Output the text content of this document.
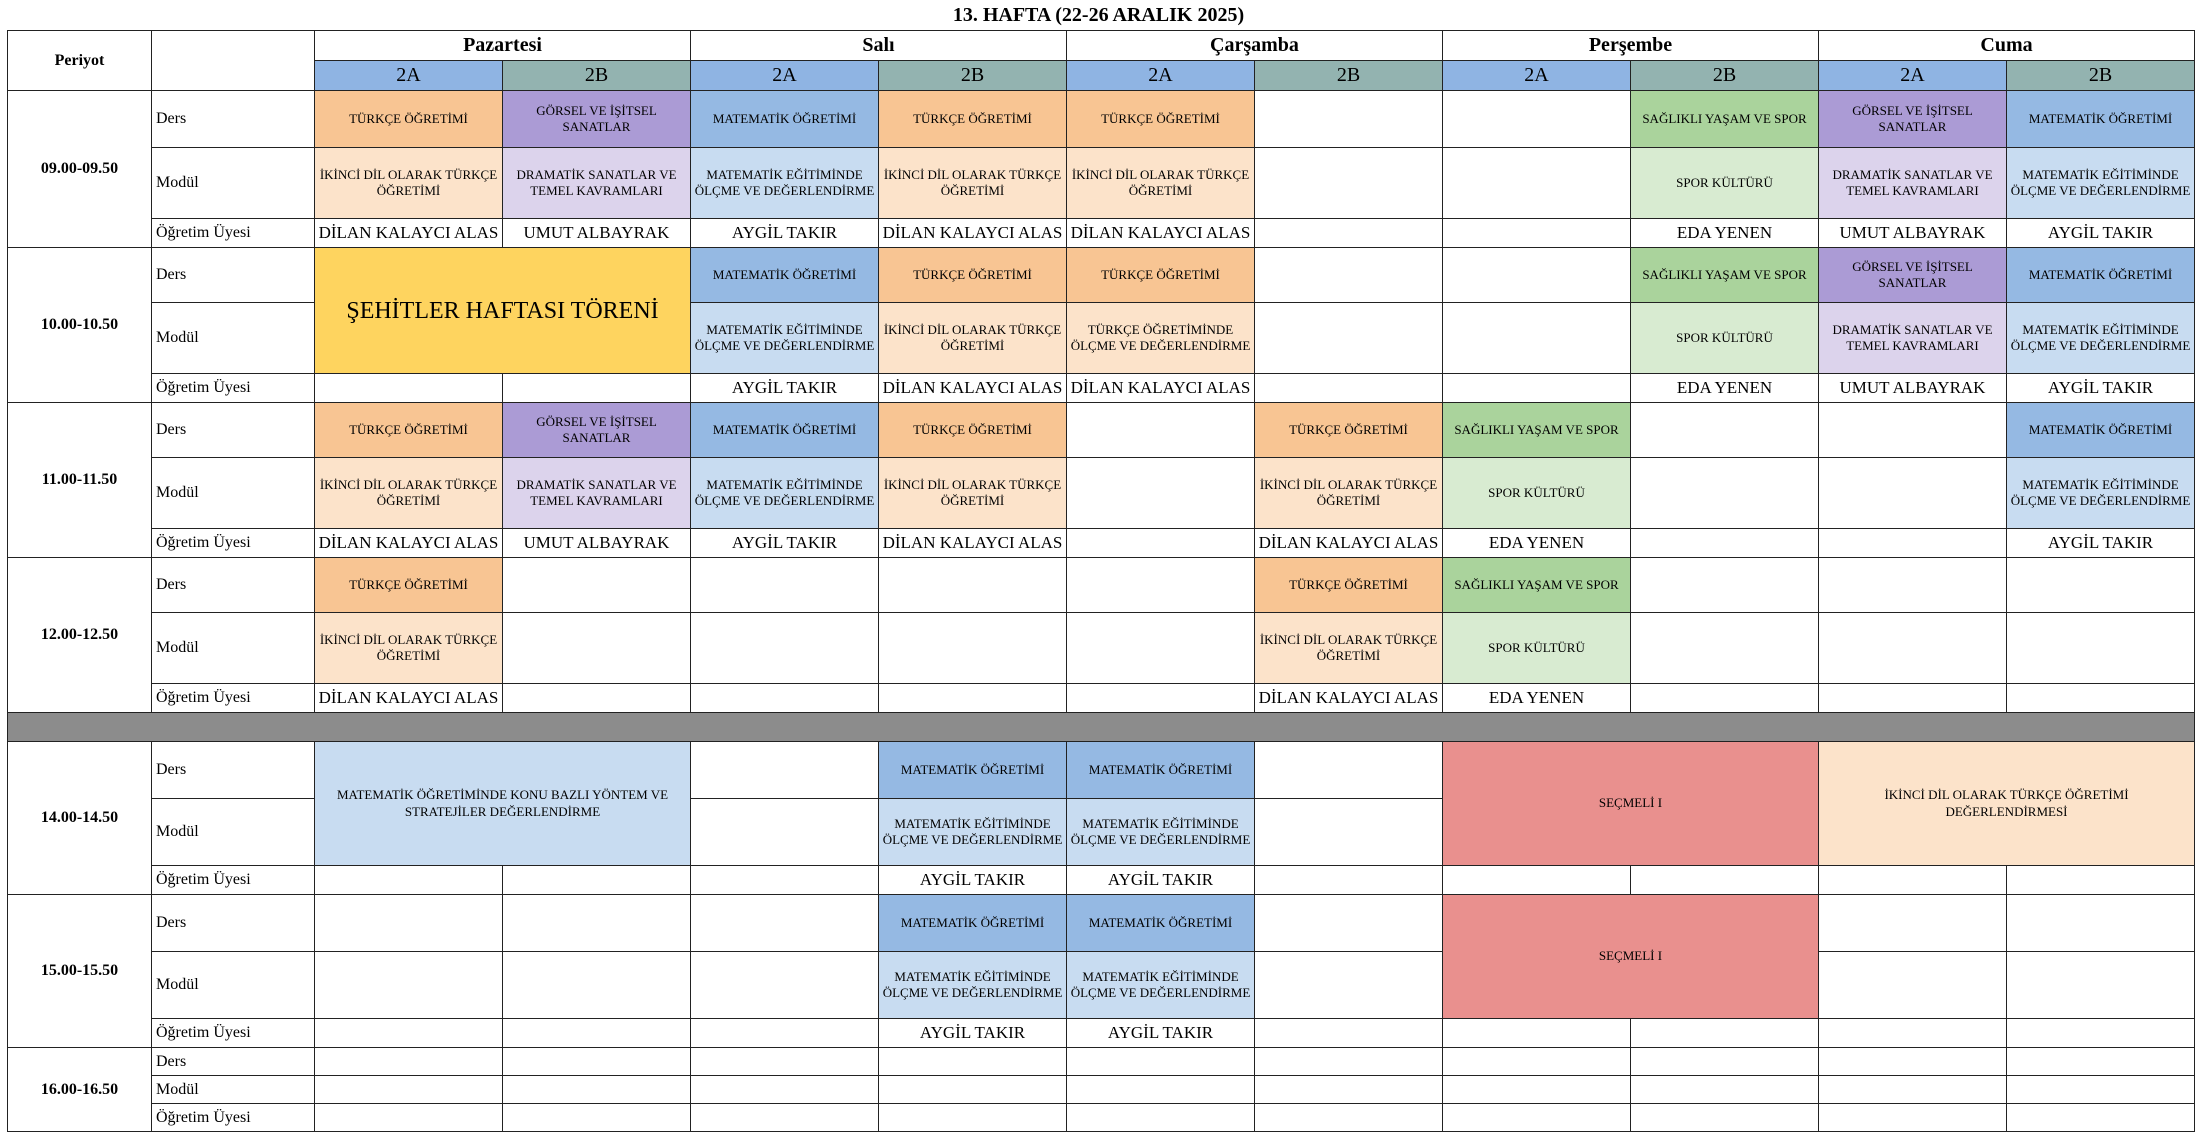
13. HAFTA (22-26 ARALIK 2025)
Periyot		Pazartesi		Salı		Çarşamba		Perşembe		Cuma	
		2A	2B	2A	2B	2A	2B	2A	2B	2A	2B
09.00-09.50	Ders	TÜRKÇE ÖĞRETİMİ	GÖRSEL VE İŞİTSEL SANATLAR	MATEMATİK ÖĞRETİMİ	TÜRKÇE ÖĞRETİMİ	TÜRKÇE ÖĞRETİMİ			SAĞLIKLI YAŞAM VE SPOR	GÖRSEL VE İŞİTSEL SANATLAR	MATEMATİK ÖĞRETİMİ
	Modül	İKİNCİ DİL OLARAK TÜRKÇE ÖĞRETİMİ	DRAMATİK SANATLAR VE TEMEL KAVRAMLARI	MATEMATİK EĞİTİMİNDE ÖLÇME VE DEĞERLENDİRME	İKİNCİ DİL OLARAK TÜRKÇE ÖĞRETİMİ	İKİNCİ DİL OLARAK TÜRKÇE ÖĞRETİMİ			SPOR KÜLTÜRÜ	DRAMATİK SANATLAR VE TEMEL KAVRAMLARI	MATEMATİK EĞİTİMİNDE ÖLÇME VE DEĞERLENDİRME
	Öğretim Üyesi	DİLAN KALAYCI ALAS	UMUT ALBAYRAK	AYGİL TAKIR	DİLAN KALAYCI ALAS	DİLAN KALAYCI ALAS			EDA YENEN	UMUT ALBAYRAK	AYGİL TAKIR
10.00-10.50	Ders	ŞEHİTLER HAFTASI TÖRENİ		MATEMATİK ÖĞRETİMİ	TÜRKÇE ÖĞRETİMİ	TÜRKÇE ÖĞRETİMİ			SAĞLIKLI YAŞAM VE SPOR	GÖRSEL VE İŞİTSEL SANATLAR	MATEMATİK ÖĞRETİMİ
	Modül			MATEMATİK EĞİTİMİNDE ÖLÇME VE DEĞERLENDİRME	İKİNCİ DİL OLARAK TÜRKÇE ÖĞRETİMİ	TÜRKÇE ÖĞRETİMİNDE ÖLÇME VE DEĞERLENDİRME			SPOR KÜLTÜRÜ	DRAMATİK SANATLAR VE TEMEL KAVRAMLARI	MATEMATİK EĞİTİMİNDE ÖLÇME VE DEĞERLENDİRME
	Öğretim Üyesi			AYGİL TAKIR	DİLAN KALAYCI ALAS	DİLAN KALAYCI ALAS			EDA YENEN	UMUT ALBAYRAK	AYGİL TAKIR
11.00-11.50	Ders	TÜRKÇE ÖĞRETİMİ	GÖRSEL VE İŞİTSEL SANATLAR	MATEMATİK ÖĞRETİMİ	TÜRKÇE ÖĞRETİMİ		TÜRKÇE ÖĞRETİMİ	SAĞLIKLI YAŞAM VE SPOR			MATEMATİK ÖĞRETİMİ
	Modül	İKİNCİ DİL OLARAK TÜRKÇE ÖĞRETİMİ	DRAMATİK SANATLAR VE TEMEL KAVRAMLARI	MATEMATİK EĞİTİMİNDE ÖLÇME VE DEĞERLENDİRME	İKİNCİ DİL OLARAK TÜRKÇE ÖĞRETİMİ		İKİNCİ DİL OLARAK TÜRKÇE ÖĞRETİMİ	SPOR KÜLTÜRÜ			MATEMATİK EĞİTİMİNDE ÖLÇME VE DEĞERLENDİRME
	Öğretim Üyesi	DİLAN KALAYCI ALAS	UMUT ALBAYRAK	AYGİL TAKIR	DİLAN KALAYCI ALAS		DİLAN KALAYCI ALAS	EDA YENEN			AYGİL TAKIR
12.00-12.50	Ders	TÜRKÇE ÖĞRETİMİ					TÜRKÇE ÖĞRETİMİ	SAĞLIKLI YAŞAM VE SPOR			
	Modül	İKİNCİ DİL OLARAK TÜRKÇE ÖĞRETİMİ					İKİNCİ DİL OLARAK TÜRKÇE ÖĞRETİMİ	SPOR KÜLTÜRÜ			
	Öğretim Üyesi	DİLAN KALAYCI ALAS					DİLAN KALAYCI ALAS	EDA YENEN			

14.00-14.50	Ders	MATEMATİK ÖĞRETİMİNDE KONU BAZLI YÖNTEM VE STRATEJİLER DEĞERLENDİRME			MATEMATİK ÖĞRETİMİ	MATEMATİK ÖĞRETİMİ		SEÇMELİ I		İKİNCİ DİL OLARAK TÜRKÇE ÖĞRETİMİ DEĞERLENDİRMESİ	
	Modül				MATEMATİK EĞİTİMİNDE ÖLÇME VE DEĞERLENDİRME	MATEMATİK EĞİTİMİNDE ÖLÇME VE DEĞERLENDİRME					
	Öğretim Üyesi				AYGİL TAKIR	AYGİL TAKIR					
15.00-15.50	Ders				MATEMATİK ÖĞRETİMİ	MATEMATİK ÖĞRETİMİ		SEÇMELİ I			
	Modül				MATEMATİK EĞİTİMİNDE ÖLÇME VE DEĞERLENDİRME	MATEMATİK EĞİTİMİNDE ÖLÇME VE DEĞERLENDİRME					
	Öğretim Üyesi				AYGİL TAKIR	AYGİL TAKIR					
16.00-16.50	Ders										
	Modül										
	Öğretim Üyesi										
